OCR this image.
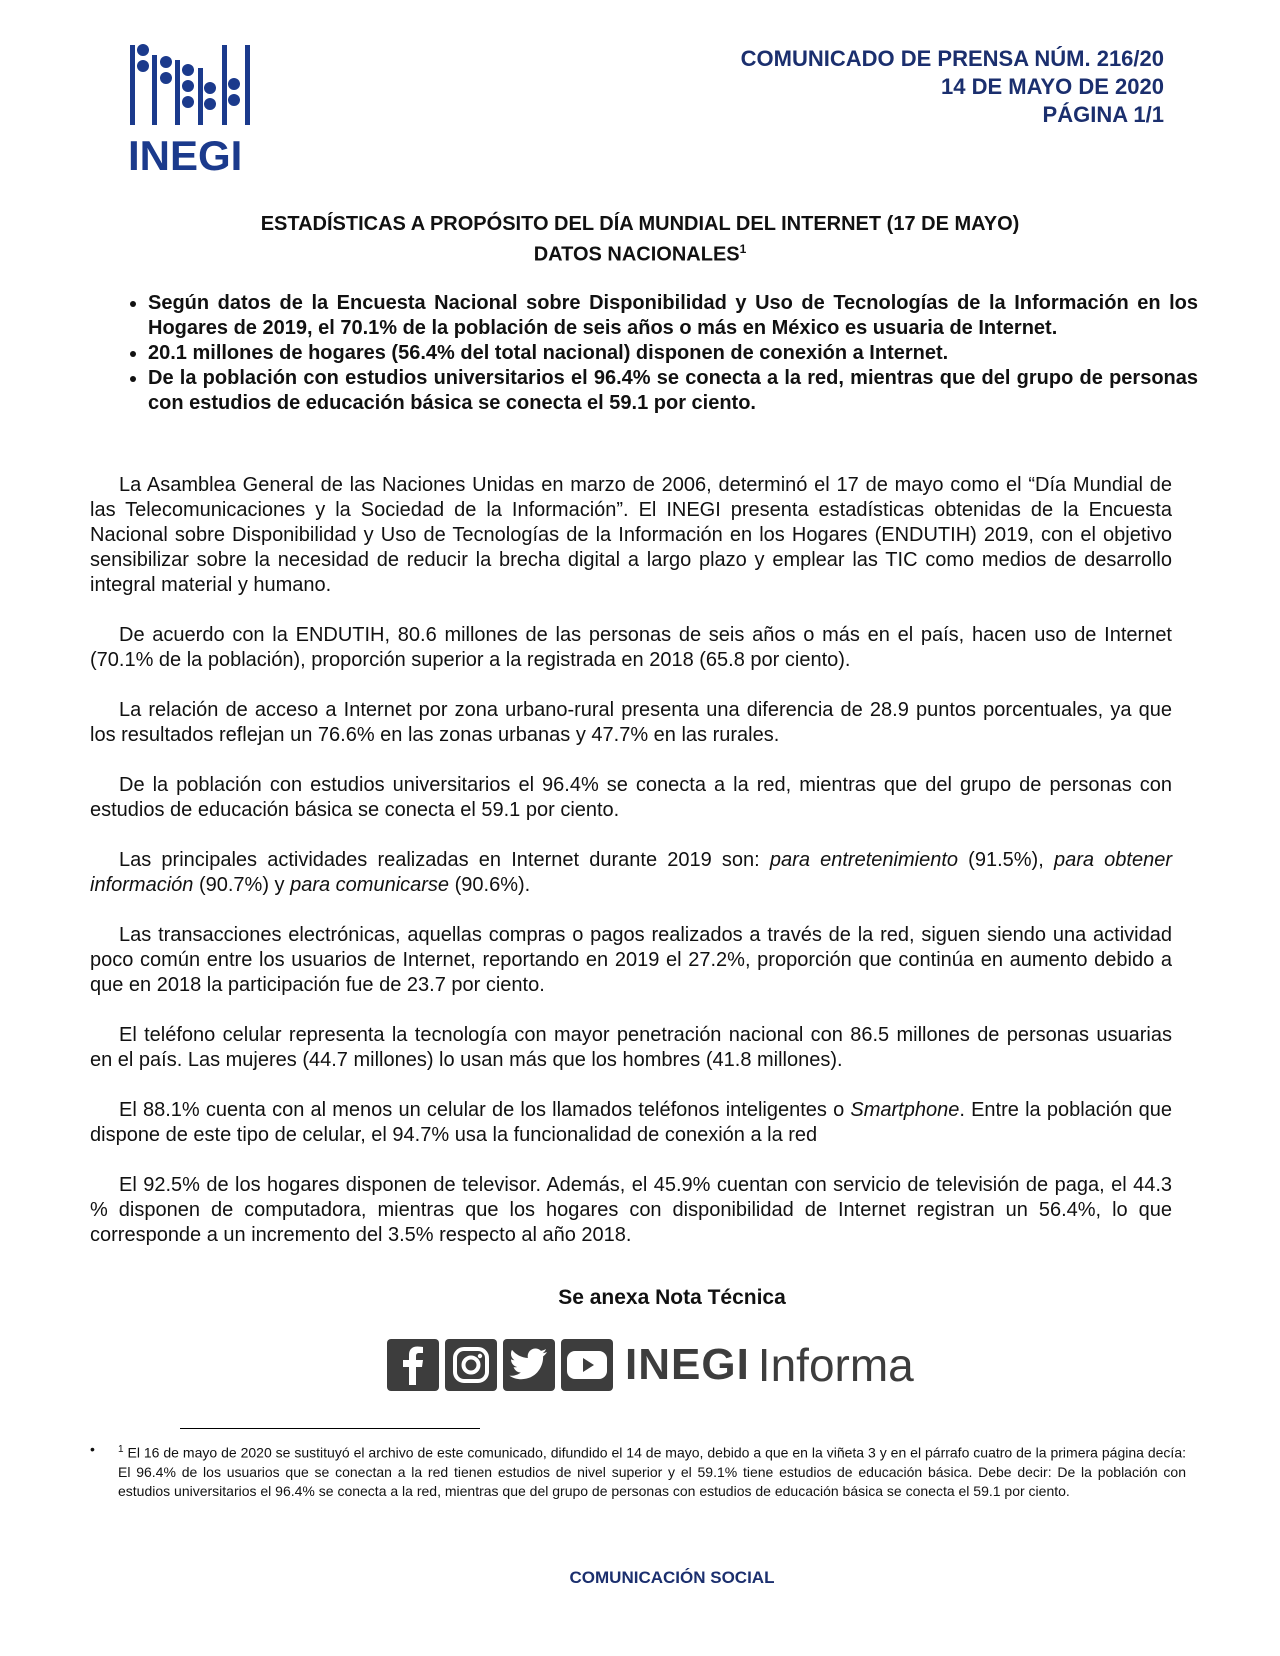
INEGI
COMUNICADO DE PRENSA NÚM. 216/20
14 DE MAYO DE 2020
PÁGINA 1/1
ESTADÍSTICAS A PROPÓSITO DEL DÍA MUNDIAL DEL INTERNET (17 DE MAYO)
DATOS NACIONALES$^1$
• Según datos de la Encuesta Nacional sobre Disponibilidad y Uso de Tecnologías de la Información en los Hogares de 2019, el 70.1% de la población de seis años o más en México es usuaria de Internet.
• 20.1 millones de hogares (56.4% del total nacional) disponen de conexión a Internet.
• De la población con estudios universitarios el 96.4% se conecta a la red, mientras que del grupo de personas con estudios de educación básica se conecta el 59.1 por ciento.

La Asamblea General de las Naciones Unidas en marzo de 2006, determinó el 17 de mayo como el “Día Mundial de las Telecomunicaciones y la Sociedad de la Información”. El INEGI presenta estadísticas obtenidas de la Encuesta Nacional sobre Disponibilidad y Uso de Tecnologías de la Información en los Hogares (ENDUTIH) 2019, con el objetivo sensibilizar sobre la necesidad de reducir la brecha digital a largo plazo y emplear las TIC como medios de desarrollo integral material y humano.

De acuerdo con la ENDUTIH, 80.6 millones de las personas de seis años o más en el país, hacen uso de Internet (70.1% de la población), proporción superior a la registrada en 2018 (65.8 por ciento).

La relación de acceso a Internet por zona urbano-rural presenta una diferencia de 28.9 puntos porcentuales, ya que los resultados reflejan un 76.6% en las zonas urbanas y 47.7% en las rurales.

De la población con estudios universitarios el 96.4% se conecta a la red, mientras que del grupo de personas con estudios de educación básica se conecta el 59.1 por ciento.

Las principales actividades realizadas en Internet durante 2019 son: para entretenimiento (91.5%), para obtener información (90.7%) y para comunicarse (90.6%).

Las transacciones electrónicas, aquellas compras o pagos realizados a través de la red, siguen siendo una actividad poco común entre los usuarios de Internet, reportando en 2019 el 27.2%, proporción que continúa en aumento debido a que en 2018 la participación fue de 23.7 por ciento.

El teléfono celular representa la tecnología con mayor penetración nacional con 86.5 millones de personas usuarias en el país. Las mujeres (44.7 millones) lo usan más que los hombres (41.8 millones).

El 88.1% cuenta con al menos un celular de los llamados teléfonos inteligentes o Smartphone. Entre la población que dispone de este tipo de celular, el 94.7% usa la funcionalidad de conexión a la red

El 92.5% de los hogares disponen de televisor. Además, el 45.9% cuentan con servicio de televisión de paga, el 44.3 % disponen de computadora, mientras que los hogares con disponibilidad de Internet registran un 56.4%, lo que corresponde a un incremento del 3.5% respecto al año 2018.

Se anexa Nota Técnica
INEGI Informa
• $^1$ El 16 de mayo de 2020 se sustituyó el archivo de este comunicado, difundido el 14 de mayo, debido a que en la viñeta 3 y en el párrafo cuatro de la primera página decía: El 96.4% de los usuarios que se conectan a la red tienen estudios de nivel superior y el 59.1% tiene estudios de educación básica. Debe decir: De la población con estudios universitarios el 96.4% se conecta a la red, mientras que del grupo de personas con estudios de educación básica se conecta el 59.1 por ciento.
COMUNICACIÓN SOCIAL
